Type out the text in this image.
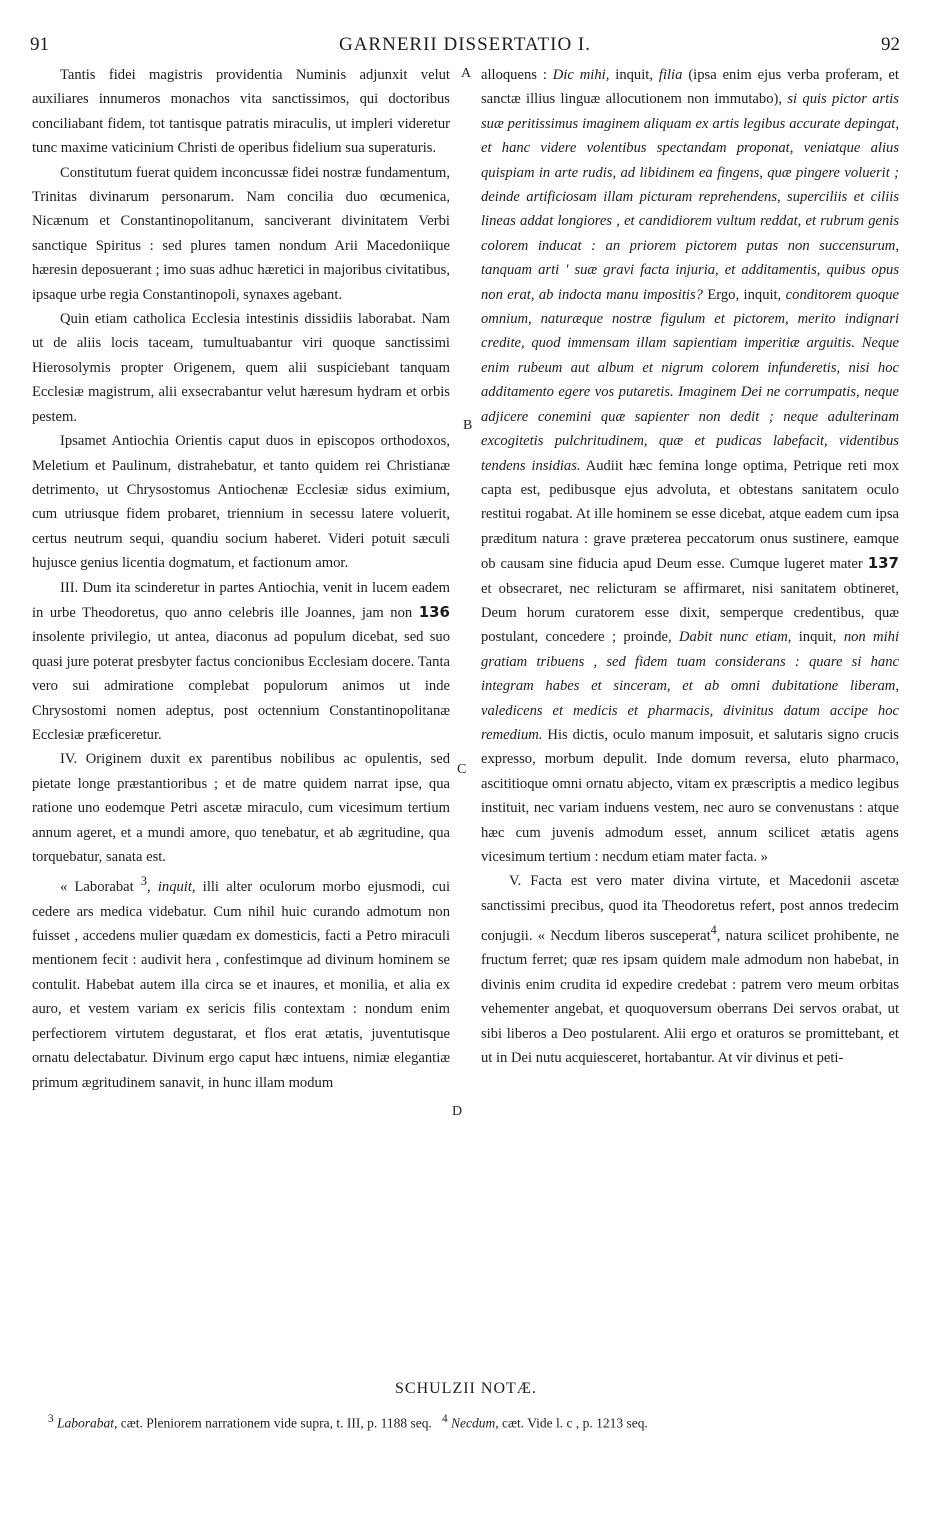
91	GARNERII DISSERTATIO I.	92
A
B
C
D

Tantis fidei magistris providentia Numinis adjunxit velut auxiliares innumeros monachos vita sanctissimos, qui doctoribus conciliabant fidem, tot tantisque patratis miraculis, ut impleri videretur tunc maxime vaticinium Christi de operibus fidelium sua superaturis.

Constitutum fuerat quidem inconcussæ fidei nostræ fundamentum, Trinitas divinarum personarum. Nam concilia duo œcumenica, Nicænum et Constantinopolitanum, sanciverant divinitatem Verbi sanctique Spiritus : sed plures tamen nondum Arii Macedoniique hæresin deposuerant ; imo suas adhuc hæretici in majoribus civitatibus, ipsaque urbe regia Constantinopoli, synaxes agebant.

Quin etiam catholica Ecclesia intestinis dissidiis laborabat. Nam ut de aliis locis taceam, tumultuabantur viri quoque sanctissimi Hierosolymis propter Origenem, quem alii suspiciebant tanquam Ecclesiæ magistrum, alii exsecrabantur velut hæresum hydram et orbis pestem.

Ipsamet Antiochia Orientis caput duos in episcopos orthodoxos, Meletium et Paulinum, distrahebatur, et tanto quidem rei Christianæ detrimento, ut Chrysostomus Antiochenæ Ecclesiæ sidus eximium, cum utriusque fidem probaret, triennium in secessu latere voluerit, certus neutrum sequi, quandiu socium haberet. Videri potuit sæculi hujusce genius licentia dogmatum, et factionum amor.

III. Dum ita scinderetur in partes Antiochia, venit in lucem eadem in urbe Theodoretus, quo anno celebris ille Joannes, jam non 136 insolente privilegio, ut antea, diaconus ad populum dicebat, sed suo quasi jure poterat presbyter factus concionibus Ecclesiam docere. Tanta vero sui admiratione complebat populorum animos ut inde Chrysostomi nomen adeptus, post octennium Constantinopolitanæ Ecclesiæ præficeretur.

IV. Originem duxit ex parentibus nobilibus ac opulentis, sed pietate longe præstantioribus ; et de matre quidem narrat ipse, qua ratione uno eodemque Petri ascetæ miraculo, cum vicesimum tertium annum ageret, et a mundi amore, quo tenebatur, et ab ægritudine, qua torquebatur, sanata est.

« Laborabat $^3$, inquit, illi alter oculorum morbo ejusmodi, cui cedere ars medica videbatur. Cum nihil huic curando admotum non fuisset , accedens mulier quædam ex domesticis, facti a Petro miraculi mentionem fecit : audivit hera , confestimque ad divinum hominem se contulit. Habebat autem illa circa se et inaures, et monilia, et alia ex auro, et vestem variam ex sericis filis contextam : nondum enim perfectiorem virtutem degustarat, et flos erat ætatis, juventutisque ornatu delectabatur. Divinum ergo caput hæc intuens, nimiæ elegantiæ primum ægritudinem sanavit, in hunc illam modum

alloquens : Dic mihi, inquit, filia (ipsa enim ejus verba proferam, et sanctæ illius linguæ allocutionem non immutabo), si quis pictor artis suæ peritissimus imaginem aliquam ex artis legibus accurate depingat, et hanc videre volentibus spectandam proponat, veniatque alius quispiam in arte rudis, ad libidinem ea fingens, quæ pingere voluerit ; deinde artificiosam illam picturam reprehendens, superciliis et ciliis lineas addat longiores , et candidiorem vultum reddat, et rubrum genis colorem inducat : an priorem pictorem putas non succensurum, tanquam arti ' suæ gravi facta injuria, et additamentis, quibus opus non erat, ab indocta manu impositis? Ergo, inquit, conditorem quoque omnium, naturæque nostræ figulum et pictorem, merito indignari credite, quod immensam illam sapientiam imperitiæ arguitis. Neque enim rubeum aut album et nigrum colorem infunderetis, nisi hoc additamento egere vos putaretis. Imaginem Dei ne corrumpatis, neque adjicere conemini quæ sapienter non dedit ; neque adulterinam excogitetis pulchritudinem, quæ et pudicas labefacit, videntibus tendens insidias. Audiit hæc femina longe optima, Petrique reti mox capta est, pedibusque ejus advoluta, et obtestans sanitatem oculo restitui rogabat. At ille hominem se esse dicebat, atque eadem cum ipsa præditum natura : grave præterea peccatorum onus sustinere, eamque ob causam sine fiducia apud Deum esse. Cumque lugeret mater 137 et obsecraret, nec relicturam se affirmaret, nisi sanitatem obtineret, Deum horum curatorem esse dixit, semperque credentibus, quæ postulant, concedere ; proinde, Dabit nunc etiam, inquit, non mihi gratiam tribuens , sed fidem tuam considerans : quare si hanc integram habes et sinceram, et ab omni dubitatione liberam, valedicens et medicis et pharmacis, divinitus datum accipe hoc remedium. His dictis, oculo manum imposuit, et salutaris signo crucis expresso, morbum depulit. Inde domum reversa, eluto pharmaco, ascititioque omni ornatu abjecto, vitam ex præscriptis a medico legibus instituit, nec variam induens vestem, nec auro se convenustans : atque hæc cum juvenis admodum esset, annum scilicet ætatis agens vicesimum tertium : necdum etiam mater facta. »

V. Facta est vero mater divina virtute, et Macedonii ascetæ sanctissimi precibus, quod ita Theodoretus refert, post annos tredecim conjugii. « Necdum liberos susceperat$^4$, natura scilicet prohibente, ne fructum ferret; quæ res ipsam quidem male admodum non habebat, in divinis enim crudita id expedire credebat : patrem vero meum orbitas vehementer angebat, et quoquoversum oberrans Dei servos orabat, ut sibi liberos a Deo postularent. Alii ergo et oraturos se promittebant, et ut in Dei nutu acquiesceret, hortabantur. At vir divinus et peti-

SCHULZII NOTÆ.

$^3$ Laborabat, cæt. Pleniorem narrationem vide supra, t. III, p. 1188 seq. $^4$ Necdum, cæt. Vide l. c , p. 1213 seq.
